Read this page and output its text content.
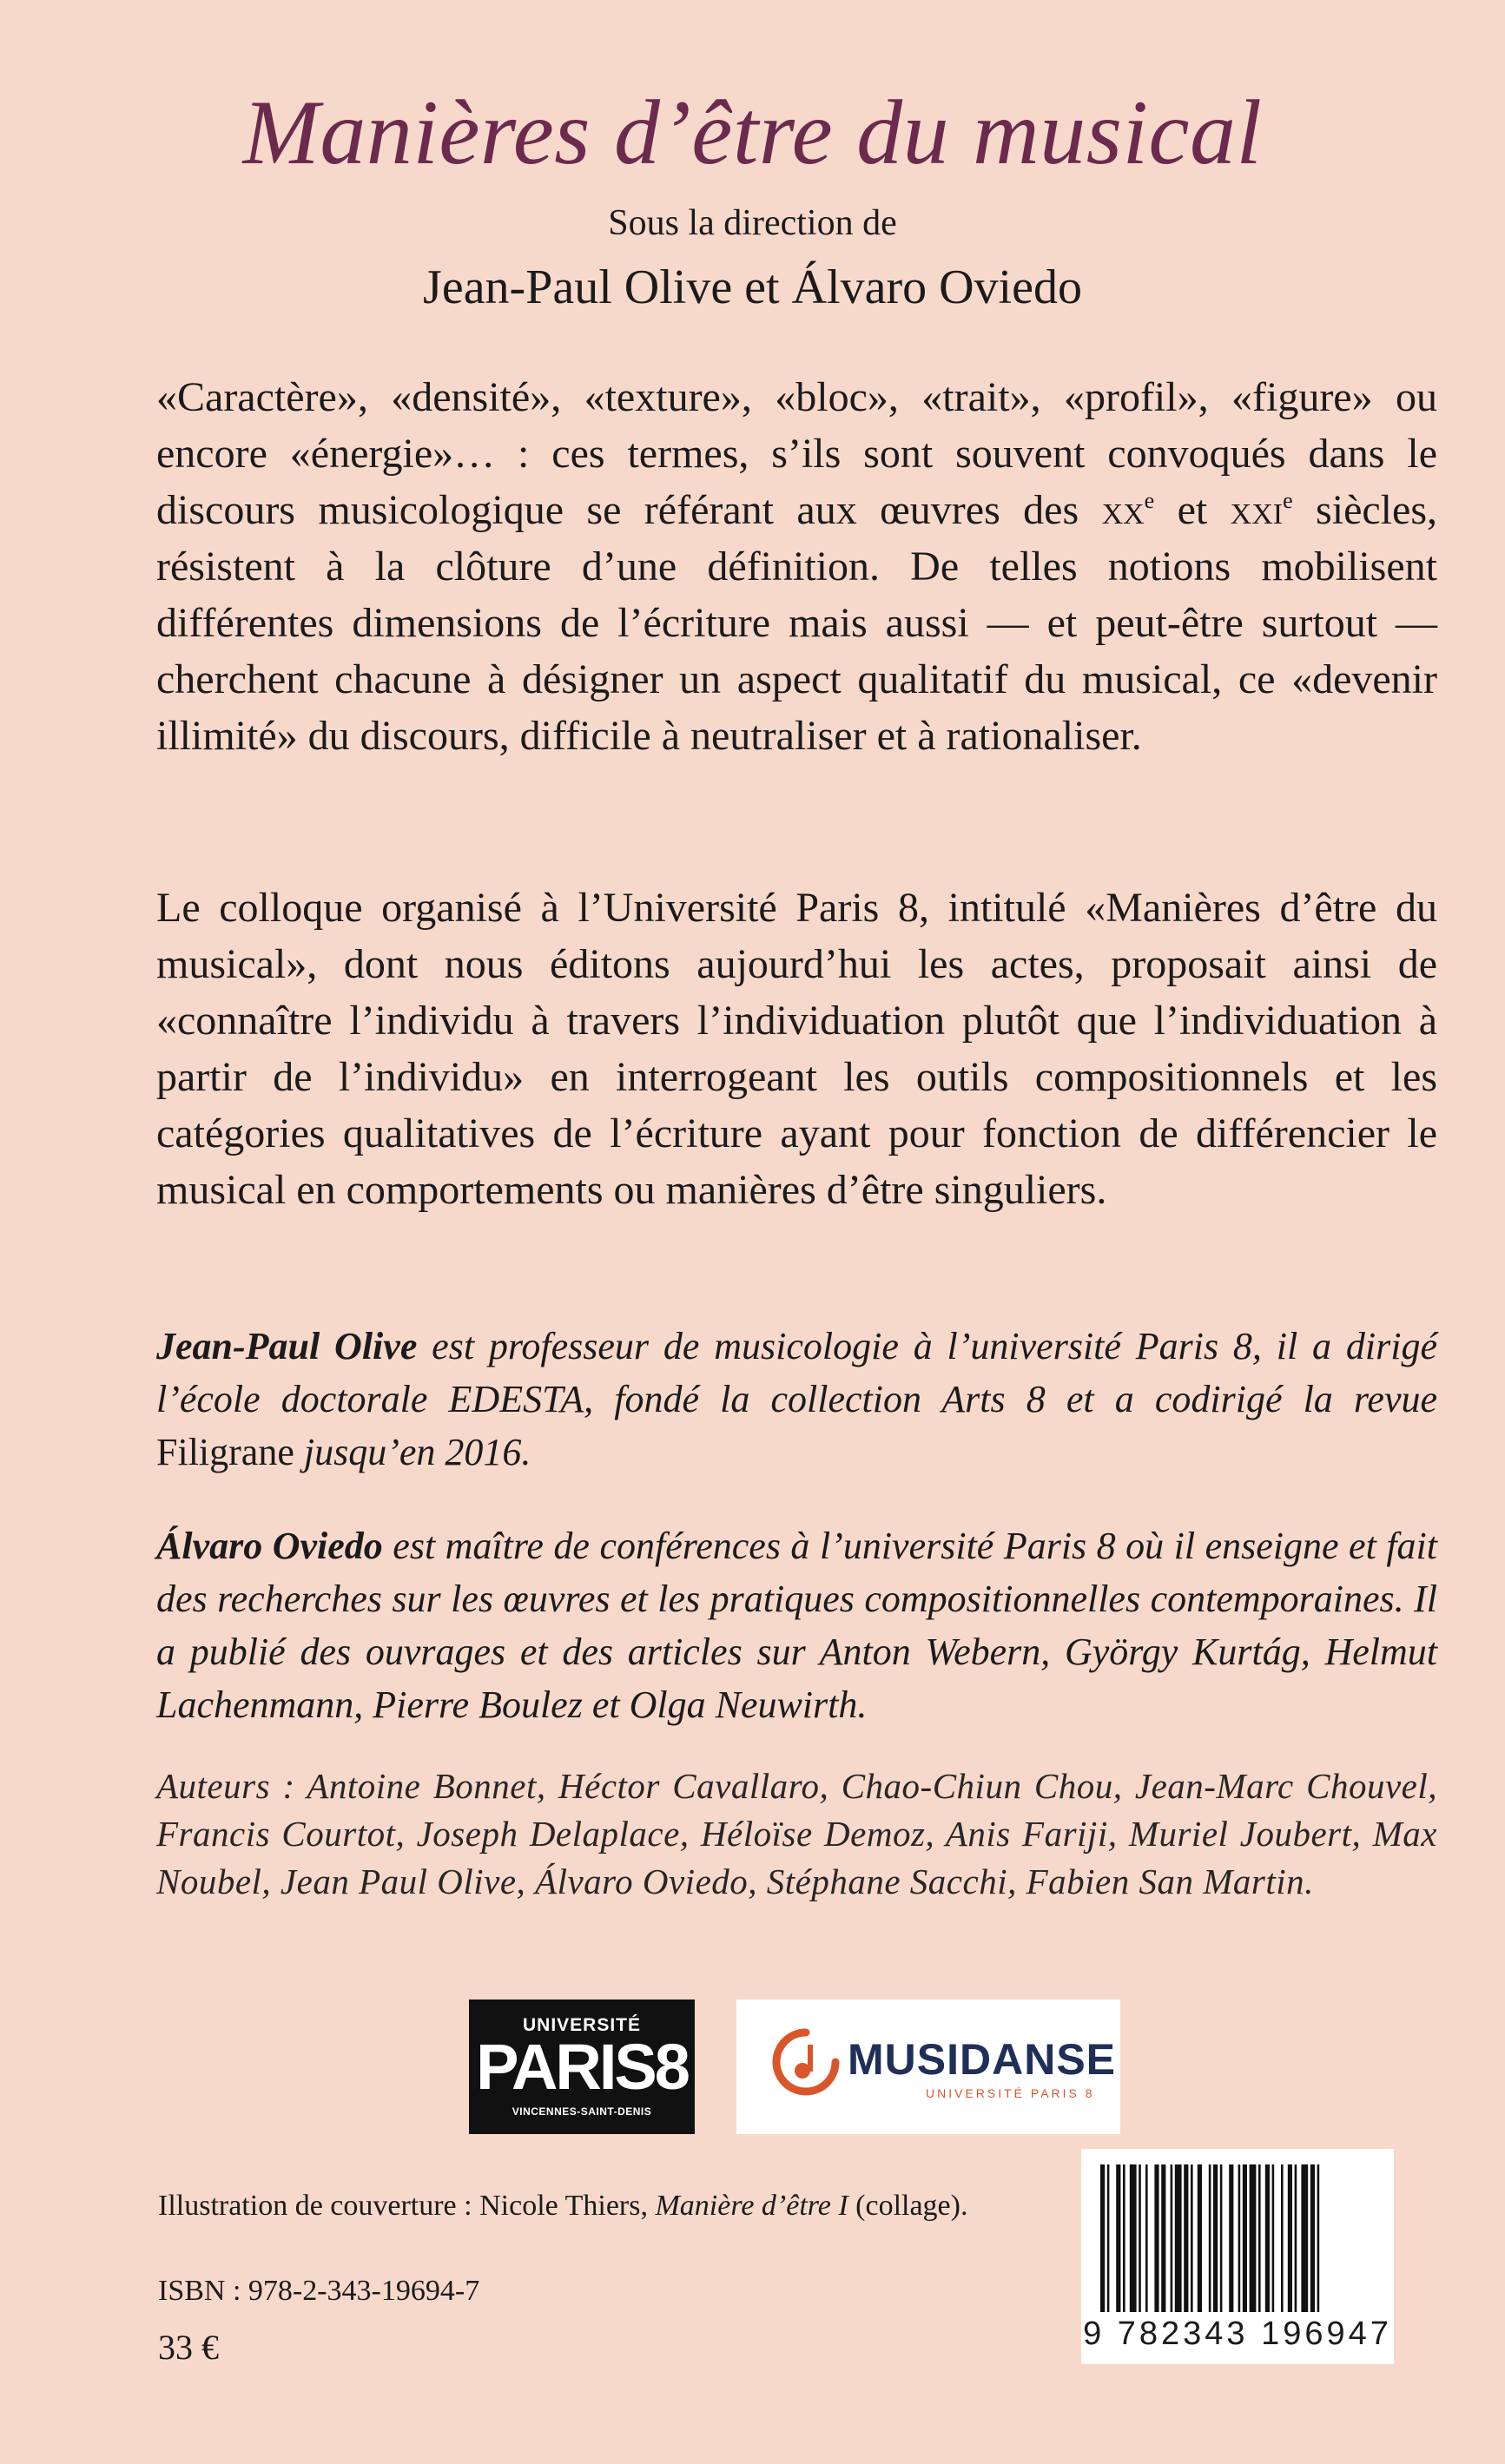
Manières d’être du musical
Sous la direction de
Jean-Paul Olive et Álvaro Oviedo
«Caractère», «densité», «texture», «bloc», «trait», «profil», «figure» ou encore «énergie»… : ces termes, s’ils sont souvent convoqués dans le discours musicologique se référant aux œuvres des $xx^e$ et xxi$^e$ siècles, résistent à la clôture d’une définition. De telles notions mobilisent différentes dimensions de l’écriture mais aussi — et peut-être surtout — cherchent chacune à désigner un aspect qualitatif du musical, ce «devenir illimité» du discours, difficile à neutraliser et à rationaliser.
Le colloque organisé à l’Université Paris 8, intitulé «Manières d’être du musical», dont nous éditons aujourd’hui les actes, proposait ainsi de «connaître l’individu à travers l’individuation plutôt que l’individuation à partir de l’individu» en interrogeant les outils compositionnels et les catégories qualitatives de l’écriture ayant pour fonction de différencier le musical en comportements ou manières d’être singuliers.
Jean-Paul Olive est professeur de musicologie à l’université Paris 8, il a dirigé l’école doctorale EDESTA, fondé la collection Arts 8 et a codirigé la revue Filigrane jusqu’en 2016.
Álvaro Oviedo est maître de conférences à l’université Paris 8 où il enseigne et fait des recherches sur les œuvres et les pratiques compositionnelles contemporaines. Il a publié des ouvrages et des articles sur Anton Webern, György Kurtág, Helmut Lachenmann, Pierre Boulez et Olga Neuwirth.
Auteurs : Antoine Bonnet, Héctor Cavallaro, Chao-Chiun Chou, Jean-Marc Chouvel, Francis Courtot, Joseph Delaplace, Héloïse Demoz, Anis Fariji, Muriel Joubert, Max Noubel, Jean Paul Olive, Álvaro Oviedo, Stéphane Sacchi, Fabien San Martin.
UNIVERSITÉ
PARIS8
VINCENNES-SAINT-DENIS
MUSIDANSE
UNIVERSITÉ PARIS 8
Illustration de couverture : Nicole Thiers, Manière d’être I (collage).
ISBN : 978-2-343-19694-7
33 €	9 782343 196947
